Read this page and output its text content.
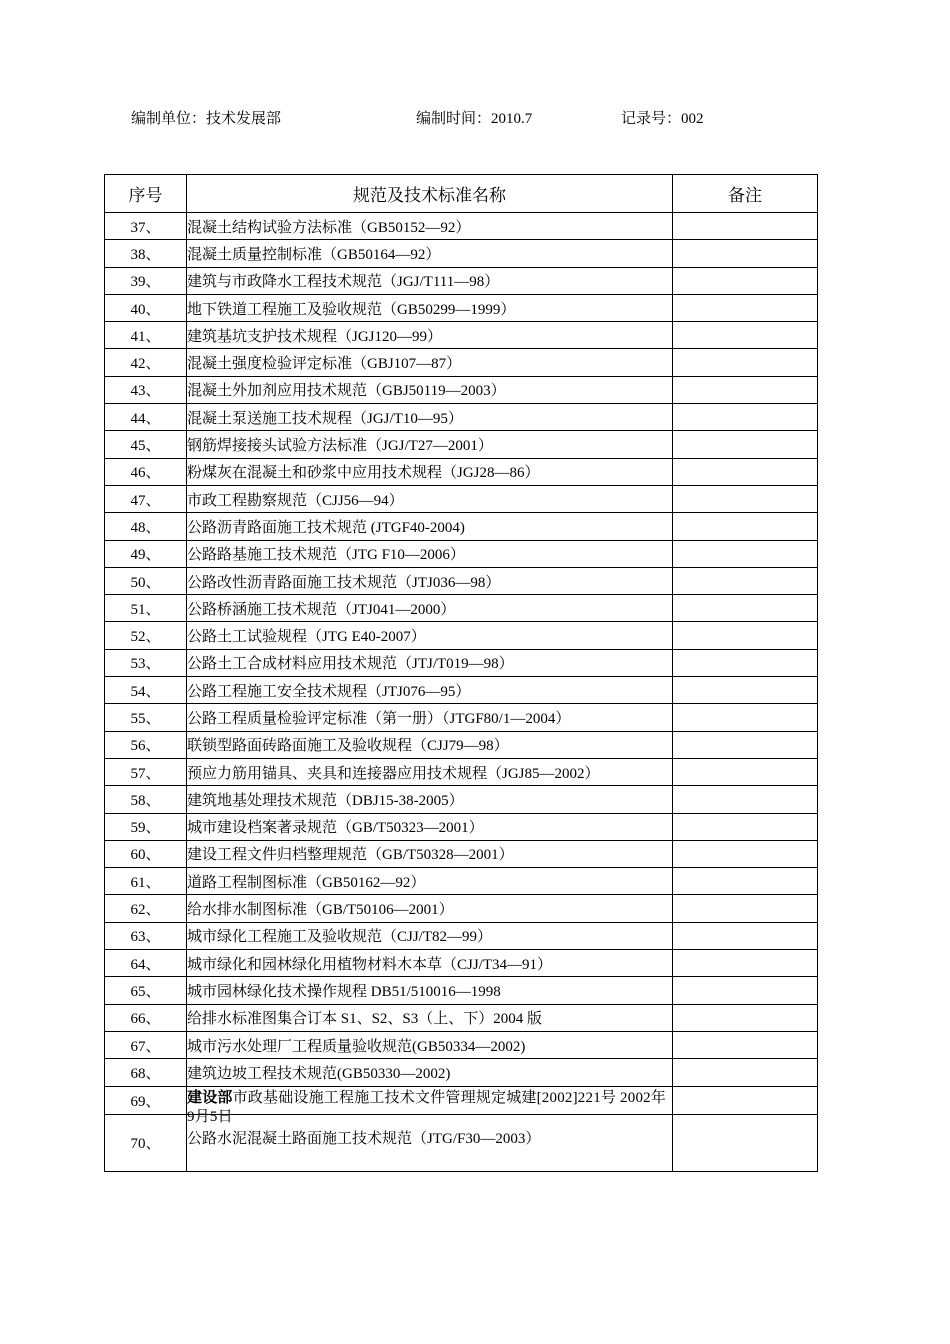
编制单位：技术发展部	编制时间：2010.7	记录号：002
序号	规范及技术标准名称	备注
37、	混凝土结构试验方法标准（GB50152—92）	
38、	混凝土质量控制标准（GB50164—92）	
39、	建筑与市政降水工程技术规范（JGJ/T111—98）	
40、	地下铁道工程施工及验收规范（GB50299—1999）	
41、	建筑基坑支护技术规程（JGJ120—99）	
42、	混凝土强度检验评定标准（GBJ107—87）	
43、	混凝土外加剂应用技术规范（GBJ50119—2003）	
44、	混凝土泵送施工技术规程（JGJ/T10—95）	
45、	钢筋焊接接头试验方法标准（JGJ/T27—2001）	
46、	粉煤灰在混凝土和砂浆中应用技术规程（JGJ28—86）	
47、	市政工程勘察规范（CJJ56—94）	
48、	公路沥青路面施工技术规范 (JTGF40-2004)	
49、	公路路基施工技术规范（JTG F10—2006）	
50、	公路改性沥青路面施工技术规范（JTJ036—98）	
51、	公路桥涵施工技术规范（JTJ041—2000）	
52、	公路土工试验规程（JTG E40-2007）	
53、	公路土工合成材料应用技术规范（JTJ/T019—98）	
54、	公路工程施工安全技术规程（JTJ076—95）	
55、	公路工程质量检验评定标准（第一册）（JTGF80/1—2004）	
56、	联锁型路面砖路面施工及验收规程（CJJ79—98）	
57、	预应力筋用锚具、夹具和连接器应用技术规程（JGJ85—2002）	
58、	建筑地基处理技术规范（DBJ15-38-2005）	
59、	城市建设档案著录规范（GB/T50323—2001）	
60、	建设工程文件归档整理规范（GB/T50328—2001）	
61、	道路工程制图标准（GB50162—92）	
62、	给水排水制图标准（GB/T50106—2001）	
63、	城市绿化工程施工及验收规范（CJJ/T82—99）	
64、	城市绿化和园林绿化用植物材料木本草（CJJ/T34—91）	
65、	城市园林绿化技术操作规程 DB51/510016—1998	
66、	给排水标准图集合订本 S1、S2、S3（上、下）2004 版	
67、	城市污水处理厂工程质量验收规范(GB50334—2002)	
68、	建筑边坡工程技术规范(GB50330—2002)	
69、	建设部市政基础设施工程施工技术文件管理规定城建[2002]221号 2002年9月5日	

70、	公路水泥混凝土路面施工技术规范（JTG/F30—2003）	
